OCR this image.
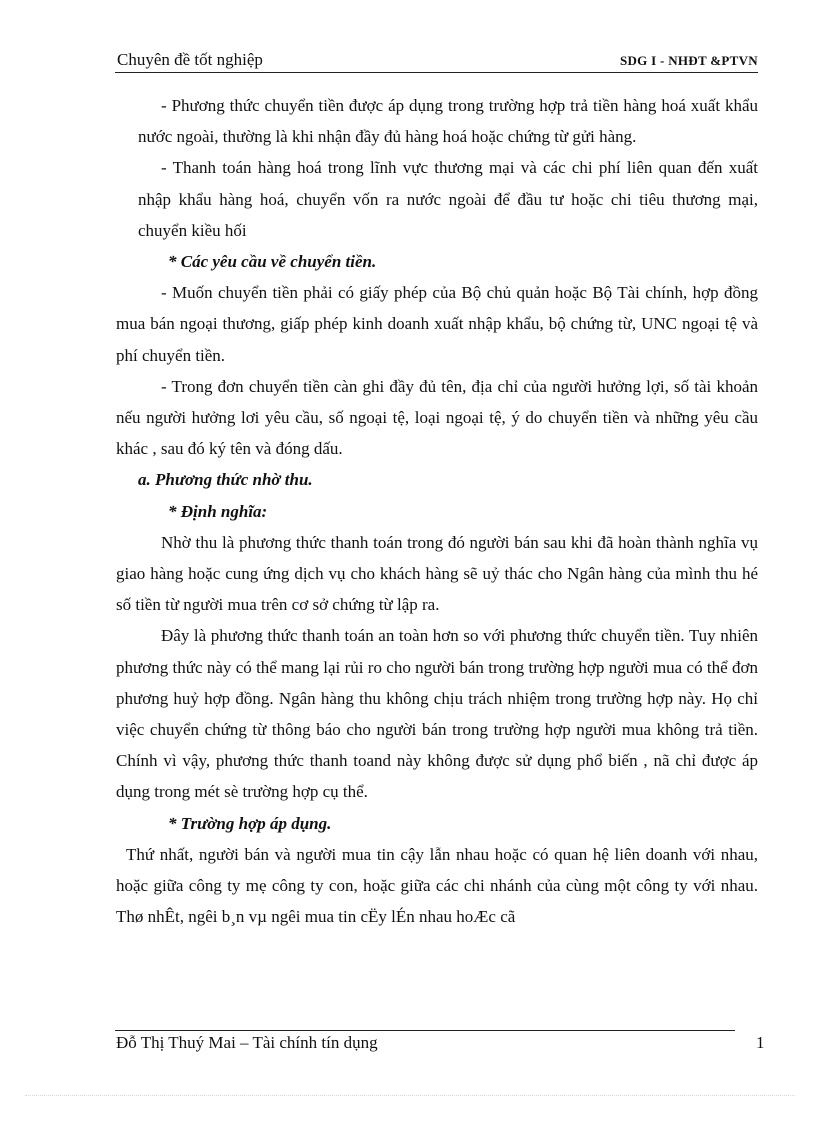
Chuyên đề tốt nghiệp	SDG I - NHĐT &PTVN

- Phương thức chuyển tiền được áp dụng trong trường hợp trả tiền hàng hoá xuất khẩu nước ngoài, thường là khi nhận đầy đủ hàng hoá hoặc chứng từ gửi hàng.

- Thanh toán hàng hoá trong lĩnh vực thương mại và các chi phí liên quan đến xuất nhập khẩu hàng hoá, chuyển vốn ra nước ngoài để đầu tư hoặc chi tiêu thương mại, chuyển kiều hối

* Các yêu cầu về chuyển tiền.

- Muốn chuyển tiền phải có giấy phép của Bộ chủ quản hoặc Bộ Tài chính, hợp đồng mua bán ngoại thương, giấp phép kinh doanh xuất nhập khẩu, bộ chứng từ, UNC ngoại tệ và phí chuyển tiền.

- Trong đơn chuyển tiền càn ghi đầy đủ tên, địa chỉ của người hưởng lợi, số tài khoản nếu người hưởng lơi yêu cầu, số ngoại tệ, loại ngoại tệ, ý do chuyển tiền và những yêu cầu khác , sau đó ký tên và đóng dấu.

a. Phương thức nhờ thu.

* Định nghĩa:

Nhờ thu là phương thức thanh toán trong đó người bán sau khi đã hoàn thành nghĩa vụ giao hàng hoặc cung ứng dịch vụ cho khách hàng sẽ uỷ thác cho Ngân hàng của mình thu hé số tiền từ người mua trên cơ sở chứng từ lập ra.

Đây là phương thức thanh toán an toàn hơn so với phương thức chuyển tiền. Tuy nhiên phương thức này có thể mang lại rủi ro cho người bán trong trường hợp người mua có thể đơn phương huỷ hợp đồng. Ngân hàng thu không chịu trách nhiệm trong trường hợp này. Họ chỉ việc chuyển chứng từ thông báo cho người bán trong trường hợp người mua không trả tiền. Chính vì vậy, phương thức thanh toand này không được sử dụng phổ biến , nã chỉ được áp dụng trong mét sè trường hợp cụ thể.

* Trường hợp áp dụng.

Thứ nhất, người bán và người mua tin cậy lẫn nhau hoặc có quan hệ liên doanh với nhau, hoặc giữa công ty mẹ công ty con, hoặc giữa các chi nhánh của cùng một công ty với nhau. Thø nhÊt, ngêi b¸n vµ ngêi mua tin cËy lÉn nhau hoÆc cã

Đỗ Thị Thuý Mai – Tài chính tín dụng	1
